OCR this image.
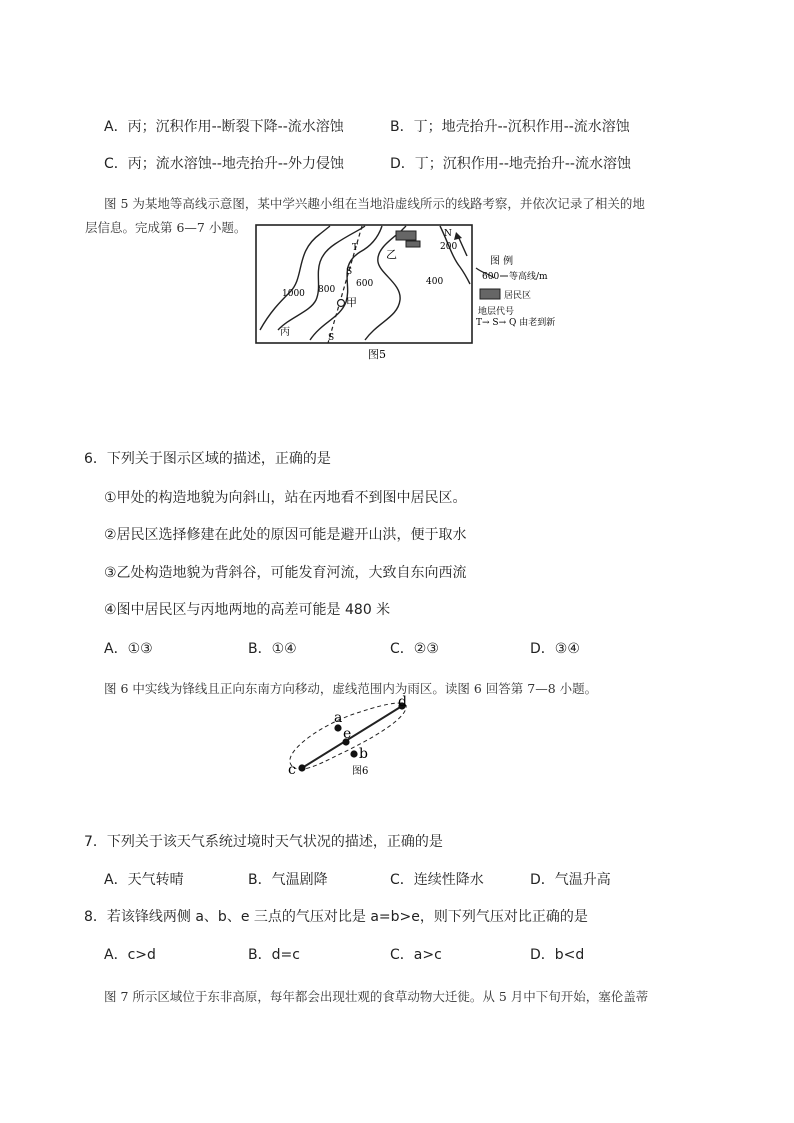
A．丙；沉积作用--断裂下降--流水溶蚀	B．丁；地壳抬升--沉积作用--流水溶蚀
C．丙；流水溶蚀--地壳抬升--外力侵蚀	D．丁；沉积作用--地壳抬升--流水溶蚀
图 5 为某地等高线示意图，某中学兴趣小组在当地沿虚线所示的线路考察，并依次记录了相关的地
层信息。完成第 6—7 小题。
1000 800
600	400
200
甲
乙
丙
T
S
S
N
图 例
600 等高线/m
居民区
地层代号
T→ S→ Q 由老到新
图5
6．下列关于图示区域的描述，正确的是
①甲处的构造地貌为向斜山，站在丙地看不到图中居民区。
②居民区选择修建在此处的原因可能是避开山洪，便于取水
③乙处构造地貌为背斜谷，可能发育河流，大致自东向西流
④图中居民区与丙地两地的高差可能是 480 米
A．①③	B．①④	C．②③	D．③④
图 6 中实线为锋线且正向东南方向移动，虚线范围内为雨区。读图 6 回答第 7—8 小题。
a
b
c
d
e
图6
7．下列关于该天气系统过境时天气状况的描述，正确的是
A．天气转晴	B．气温剧降	C．连续性降水	D．气温升高
8．若该锋线两侧 a、b、e 三点的气压对比是 a=b>e，则下列气压对比正确的是
A．c>d	B．d=c	C．a>c	D．b<d
图 7 所示区域位于东非高原，每年都会出现壮观的食草动物大迁徙。从 5 月中下旬开始，塞伦盖蒂
